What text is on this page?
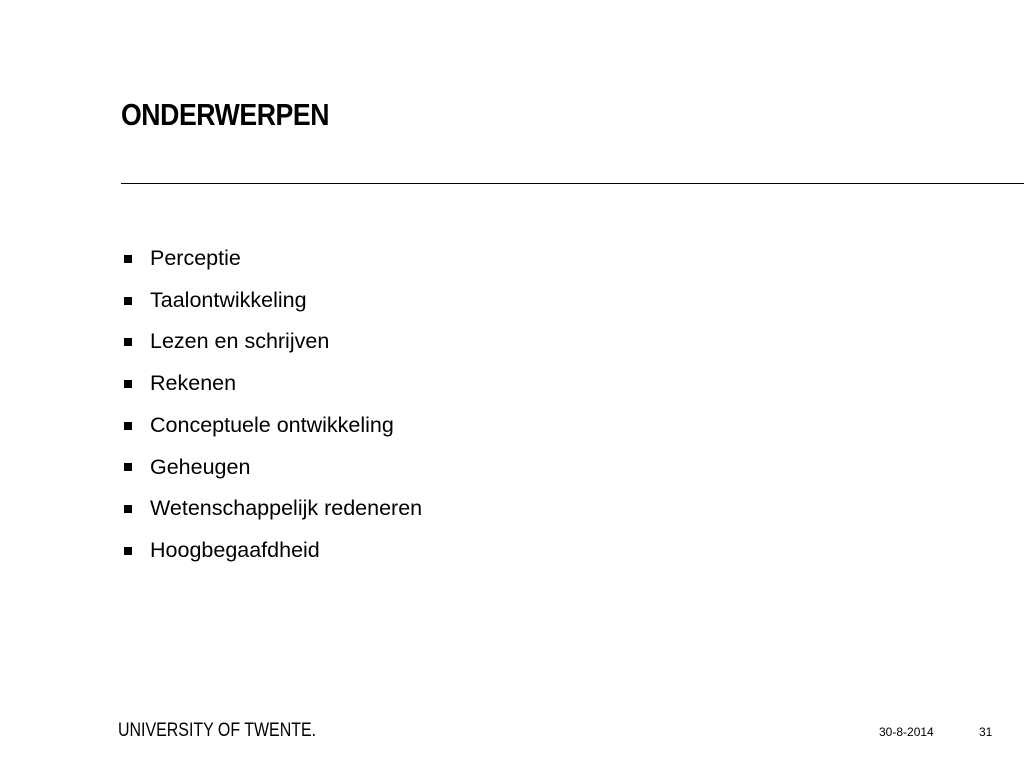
ONDERWERPEN
Perceptie
Taalontwikkeling
Lezen en schrijven
Rekenen
Conceptuele ontwikkeling
Geheugen
Wetenschappelijk redeneren
Hoogbegaafdheid
UNIVERSITY OF TWENTE.	30-8-2014	31
